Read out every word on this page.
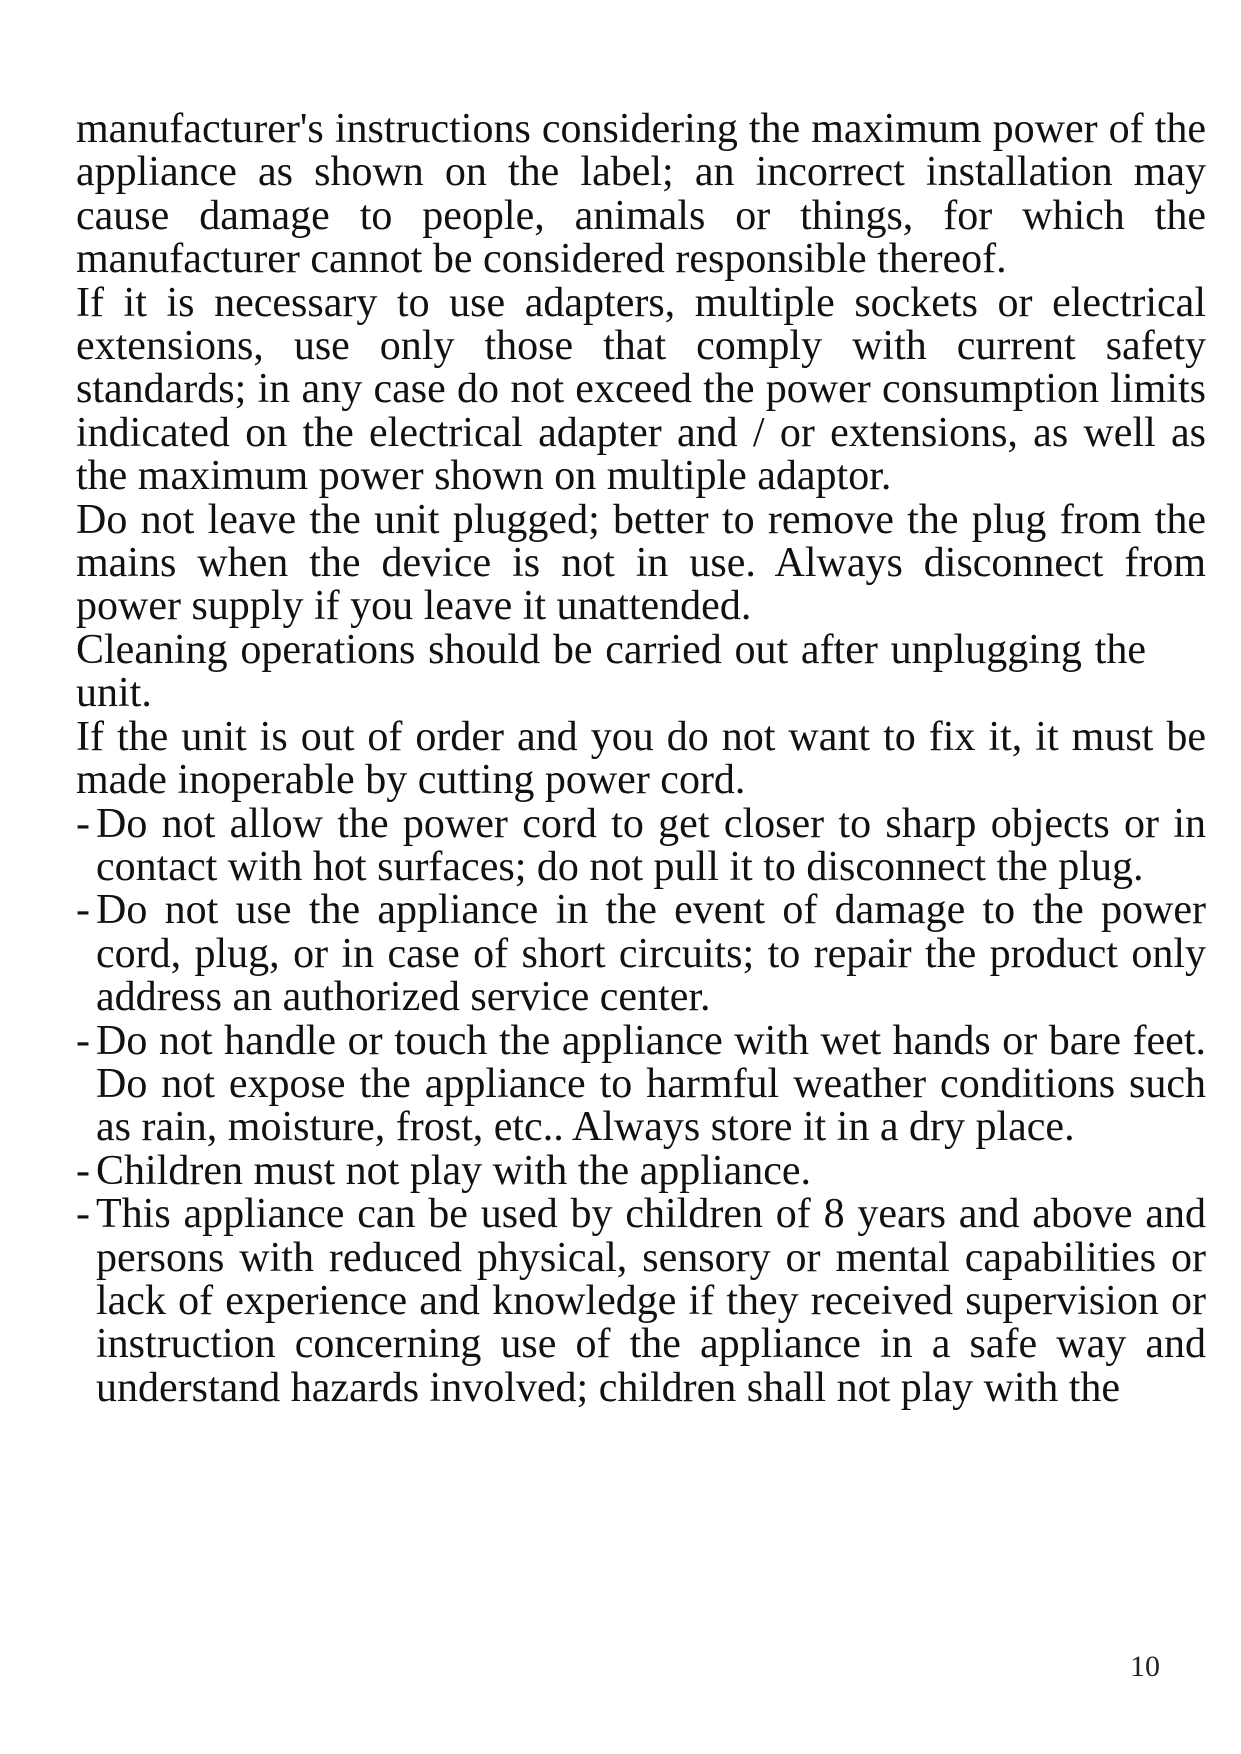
manufacturer's instructions considering the maximum power of the appliance as shown on the label; an incorrect installation may cause damage to people, animals or things, for which the manufacturer cannot be considered responsible thereof.

If it is necessary to use adapters, multiple sockets or electrical extensions, use only those that comply with current safety standards; in any case do not exceed the power consumption limits indicated on the electrical adapter and / or extensions, as well as the maximum power shown on multiple adaptor.

Do not leave the unit plugged; better to remove the plug from the mains when the device is not in use. Always disconnect from power supply if you leave it unattended.

Cleaning operations should be carried out after unplugging the unit.

If the unit is out of order and you do not want to fix it, it must be made inoperable by cutting power cord.

- Do not allow the power cord to get closer to sharp objects or in contact with hot surfaces; do not pull it to disconnect the plug.
- Do not use the appliance in the event of damage to the power cord, plug, or in case of short circuits; to repair the product only address an authorized service center.
- Do not handle or touch the appliance with wet hands or bare feet. Do not expose the appliance to harmful weather conditions such as rain, moisture, frost, etc.. Always store it in a dry place.
- Children must not play with the appliance.
- This appliance can be used by children of 8 years and above and persons with reduced physical, sensory or mental capabilities or lack of experience and knowledge if they received supervision or instruction concerning use of the appliance in a safe way and understand hazards involved; children shall not play with the
10
